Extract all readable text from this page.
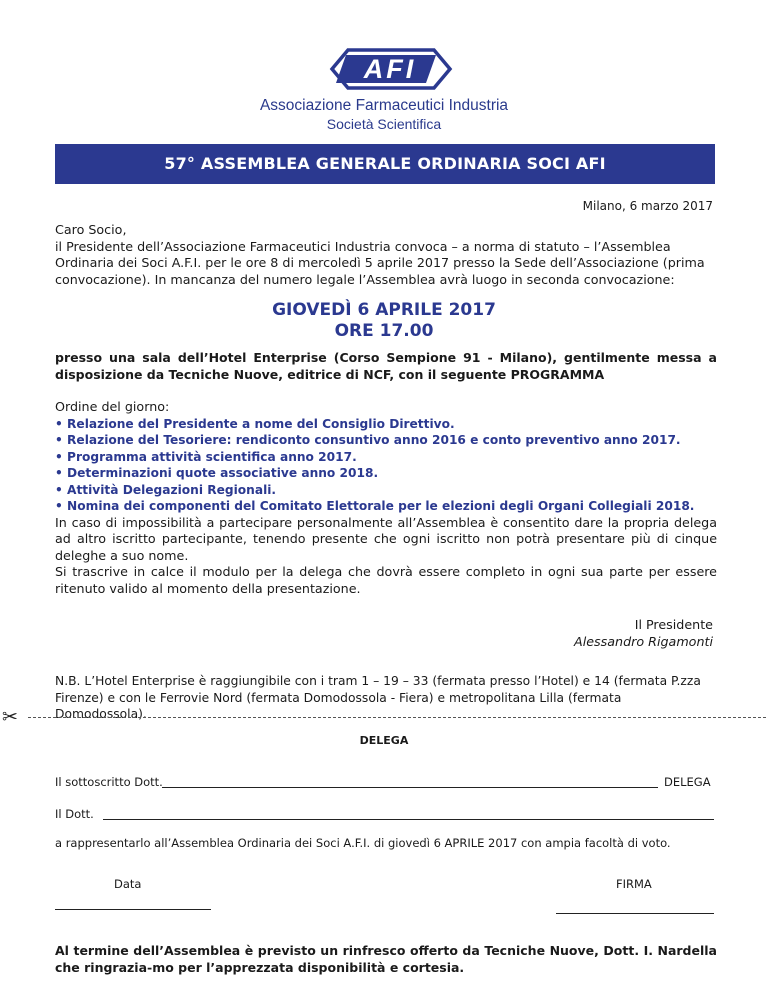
AFI
Associazione Farmaceutici Industria
Società Scientifica
57° ASSEMBLEA GENERALE ORDINARIA SOCI AFI
Milano, 6 marzo 2017

Caro Socio,

il Presidente dell’Associazione Farmaceutici Industria convoca – a norma di statuto – l’Assemblea Ordinaria dei Soci A.F.I. per le ore 8 di mercoledì 5 aprile 2017 presso la Sede dell’Associazione (prima convocazione). In mancanza del numero legale l’Assemblea avrà luogo in seconda convocazione:

GIOVEDÌ 6 APRILE 2017
ORE 17.00
presso una sala dell’Hotel Enterprise (Corso Sempione 91 - Milano), gentilmente messa a disposizione da Tecniche Nuove, editrice di NCF, con il seguente PROGRAMMA

Ordine del giorno:

• Relazione del Presidente a nome del Consiglio Direttivo.
• Relazione del Tesoriere: rendiconto consuntivo anno 2016 e conto preventivo anno 2017.
• Programma attività scientifica anno 2017.
• Determinazioni quote associative anno 2018.
• Attività Delegazioni Regionali.
• Nomina dei componenti del Comitato Elettorale per le elezioni degli Organi Collegiali 2018.

In caso di impossibilità a partecipare personalmente all’Assemblea è consentito dare la propria delega ad altro iscritto partecipante, tenendo presente che ogni iscritto non potrà presentare più di cinque deleghe a suo nome.

Si trascrive in calce il modulo per la delega che dovrà essere completo in ogni sua parte per essere ritenuto valido al momento della presentazione.

Il Presidente
Alessandro Rigamonti
N.B. L’Hotel Enterprise è raggiungibile con i tram 1 – 19 – 33 (fermata presso l’Hotel) e 14 (fermata P.zza Firenze) e con le Ferrovie Nord (fermata Domodossola - Fiera) e metropolitana Lilla (fermata Domodossola).
✂
DELEGA
Il sottoscritto Dott.	DELEGA
Il Dott.
a rappresentarlo all’Assemblea Ordinaria dei Soci A.F.I. di giovedì 6 APRILE 2017 con ampia facoltà di voto.
Data	FIRMA
Al termine dell’Assemblea è previsto un rinfresco offerto da Tecniche Nuove, Dott. I. Nardella che ringrazia-mo per l’apprezzata disponibilità e cortesia.
